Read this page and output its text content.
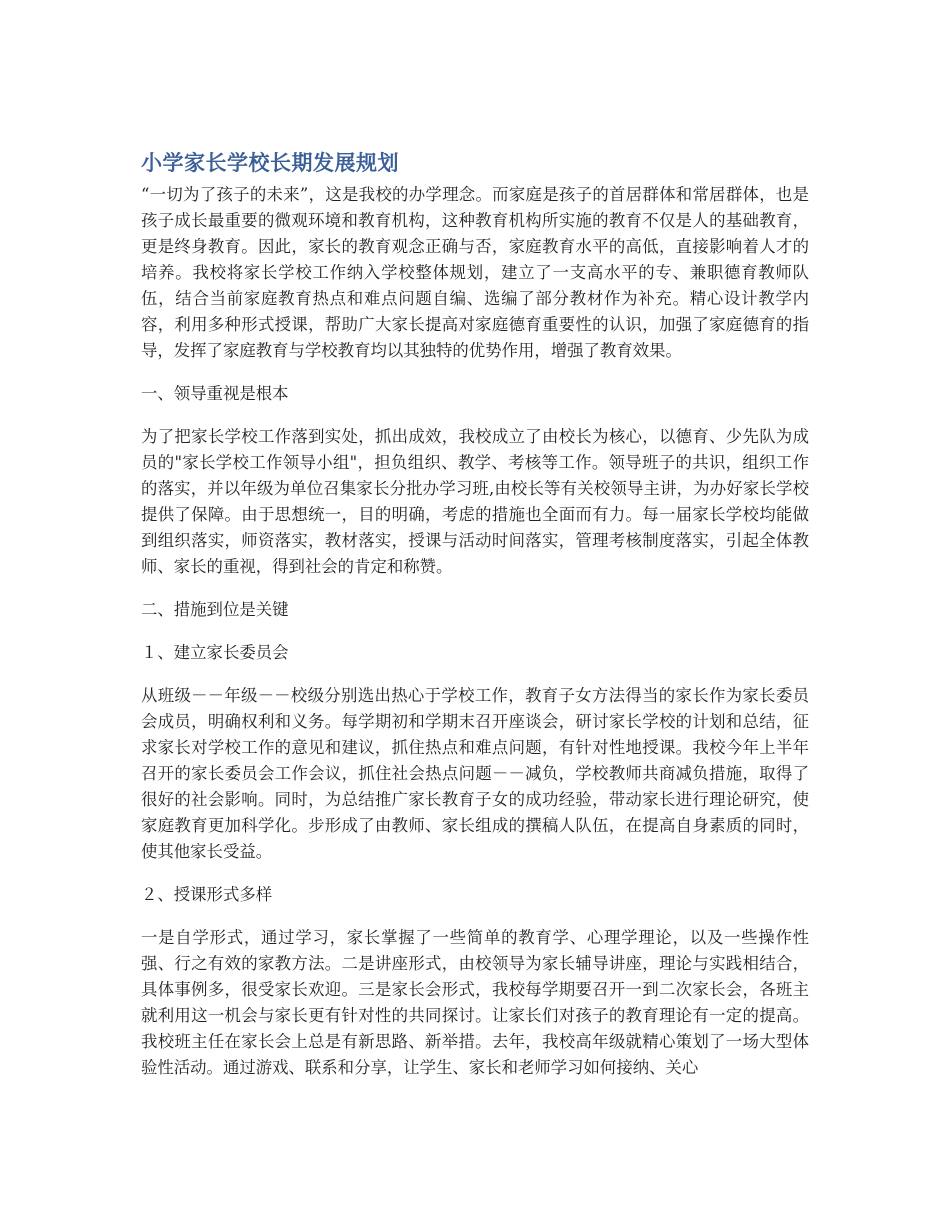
小学家长学校长期发展规划

“一切为了孩子的未来”，这是我校的办学理念。而家庭是孩子的首居群体和常居群体，也是孩子成长最重要的微观环境和教育机构，这种教育机构所实施的教育不仅是人的基础教育，更是终身教育。因此，家长的教育观念正确与否，家庭教育水平的高低，直接影响着人才的培养。我校将家长学校工作纳入学校整体规划，建立了一支高水平的专、兼职德育教师队伍，结合当前家庭教育热点和难点问题自编、选编了部分教材作为补充。精心设计教学内容，利用多种形式授课，帮助广大家长提高对家庭德育重要性的认识，加强了家庭德育的指导，发挥了家庭教育与学校教育均以其独特的优势作用，增强了教育效果。

一、领导重视是根本

为了把家长学校工作落到实处，抓出成效，我校成立了由校长为核心，以德育、少先队为成员的"家长学校工作领导小组"，担负组织、教学、考核等工作。领导班子的共识，组织工作的落实，并以年级为单位召集家长分批办学习班,由校长等有关校领导主讲，为办好家长学校提供了保障。由于思想统一，目的明确，考虑的措施也全面而有力。每一届家长学校均能做到组织落实，师资落实，教材落实，授课与活动时间落实，管理考核制度落实，引起全体教师、家长的重视，得到社会的肯定和称赞。

二、措施到位是关键

１、建立家长委员会

从班级－－年级－－校级分别选出热心于学校工作，教育子女方法得当的家长作为家长委员会成员，明确权利和义务。每学期初和学期末召开座谈会，研讨家长学校的计划和总结，征求家长对学校工作的意见和建议，抓住热点和难点问题，有针对性地授课。我校今年上半年召开的家长委员会工作会议，抓住社会热点问题－－减负，学校教师共商减负措施，取得了很好的社会影响。同时，为总结推广家长教育子女的成功经验，带动家长进行理论研究，使家庭教育更加科学化。步形成了由教师、家长组成的撰稿人队伍，在提高自身素质的同时，使其他家长受益。

２、授课形式多样

一是自学形式，通过学习，家长掌握了一些简单的教育学、心理学理论，以及一些操作性强、行之有效的家教方法。二是讲座形式，由校领导为家长辅导讲座，理论与实践相结合，具体事例多，很受家长欢迎。三是家长会形式，我校每学期要召开一到二次家长会，各班主就利用这一机会与家长更有针对性的共同探讨。让家长们对孩子的教育理论有一定的提高。我校班主任在家长会上总是有新思路、新举措。去年，我校高年级就精心策划了一场大型体验性活动。通过游戏、联系和分享，让学生、家长和老师学习如何接纳、关心
